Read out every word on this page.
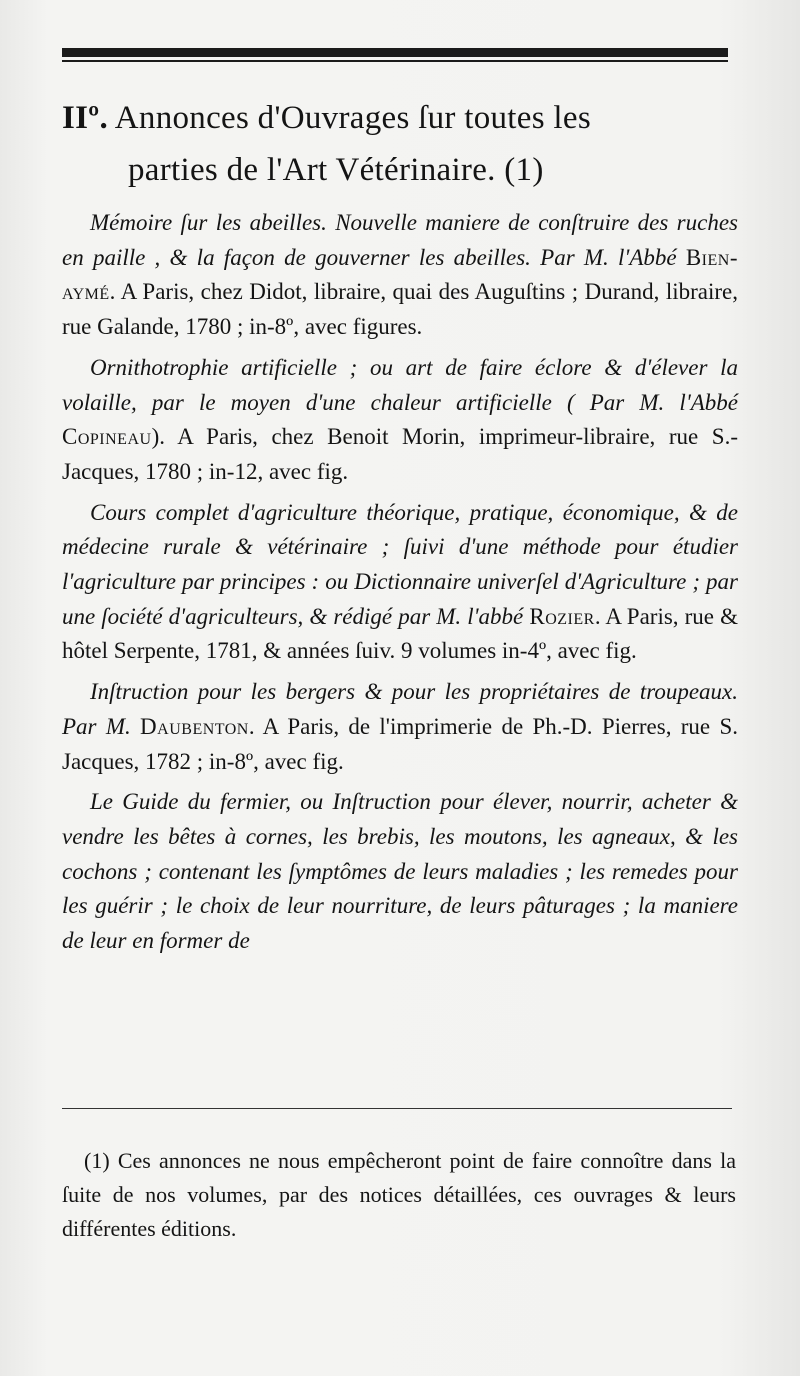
IIº. Annonces d'Ouvrages ſur toutes les
parties de l'Art Vétérinaire. (1)

Mémoire ſur les abeilles. Nouvelle maniere de conſtruire des ruches en paille , & la façon de gouverner les abeilles. Par M. l'Abbé Bien-aymé. A Paris, chez Didot, libraire, quai des Auguſtins ; Durand, libraire, rue Galande, 1780 ; in-8º, avec figures.

Ornithotrophie artificielle ; ou art de faire éclore & d'élever la volaille, par le moyen d'une chaleur artificielle ( Par M. l'Abbé Copineau). A Paris, chez Benoit Morin, imprimeur-libraire, rue S.-Jacques, 1780 ; in-12, avec fig.

Cours complet d'agriculture théorique, pratique, économique, & de médecine rurale & vétérinaire ; ſuivi d'une méthode pour étudier l'agriculture par principes : ou Dictionnaire univerſel d'Agriculture ; par une ſociété d'agriculteurs, & rédigé par M. l'abbé Rozier. A Paris, rue & hôtel Serpente, 1781, & années ſuiv. 9 volumes in-4º, avec fig.

Inſtruction pour les bergers & pour les propriétaires de troupeaux. Par M. Daubenton. A Paris, de l'imprimerie de Ph.-D. Pierres, rue S. Jacques, 1782 ; in-8º, avec fig.

Le Guide du fermier, ou Inſtruction pour élever, nourrir, acheter & vendre les bêtes à cornes, les brebis, les moutons, les agneaux, & les cochons ; contenant les ſymptômes de leurs maladies ; les remedes pour les guérir ; le choix de leur nourriture, de leurs pâturages ; la maniere de leur en former de

(1) Ces annonces ne nous empêcheront point de faire connoître dans la ſuite de nos volumes, par des notices détaillées, ces ouvrages & leurs différentes éditions.
